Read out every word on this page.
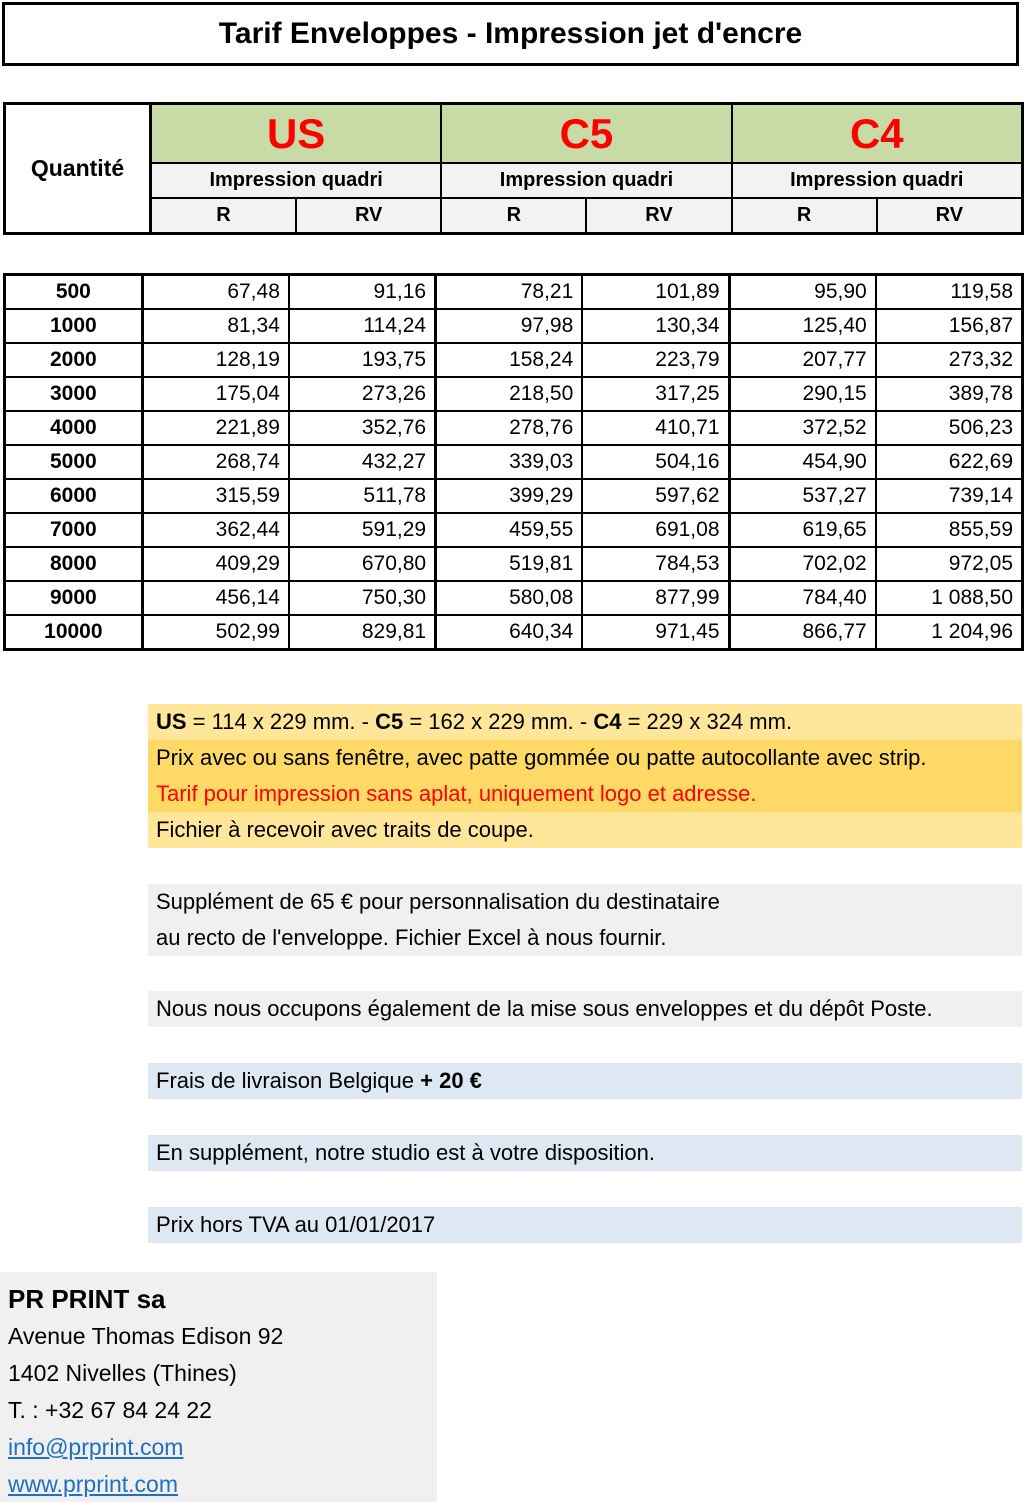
Tarif Enveloppes - Impression jet d'encre
Quantité	US		C5		C4	
	Impression quadri		Impression quadri		Impression quadri	
	R	RV	R	RV	R	RV
500	67,48	91,16	78,21	101,89	95,90	119,58
1000	81,34	114,24	97,98	130,34	125,40	156,87
2000	128,19	193,75	158,24	223,79	207,77	273,32
3000	175,04	273,26	218,50	317,25	290,15	389,78
4000	221,89	352,76	278,76	410,71	372,52	506,23
5000	268,74	432,27	339,03	504,16	454,90	622,69
6000	315,59	511,78	399,29	597,62	537,27	739,14
7000	362,44	591,29	459,55	691,08	619,65	855,59
8000	409,29	670,80	519,81	784,53	702,02	972,05
9000	456,14	750,30	580,08	877,99	784,40	1 088,50
10000	502,99	829,81	640,34	971,45	866,77	1 204,96
US = 114 x 229 mm. - C5 = 162 x 229 mm. - C4 = 229 x 324 mm.
Prix avec ou sans fenêtre, avec patte gommée ou patte autocollante avec strip.
Tarif pour impression sans aplat, uniquement logo et adresse.
Fichier à recevoir avec traits de coupe.
Supplément de 65 € pour personnalisation du destinataire
au recto de l'enveloppe. Fichier Excel à nous fournir.
Nous nous occupons également de la mise sous enveloppes et du dépôt Poste.
Frais de livraison Belgique + 20 €
En supplément, notre studio est à votre disposition.
Prix hors TVA au 01/01/2017
PR PRINT sa
Avenue Thomas Edison 92
1402 Nivelles (Thines)
T. : +32 67 84 24 22
info@prprint.com
www.prprint.com
